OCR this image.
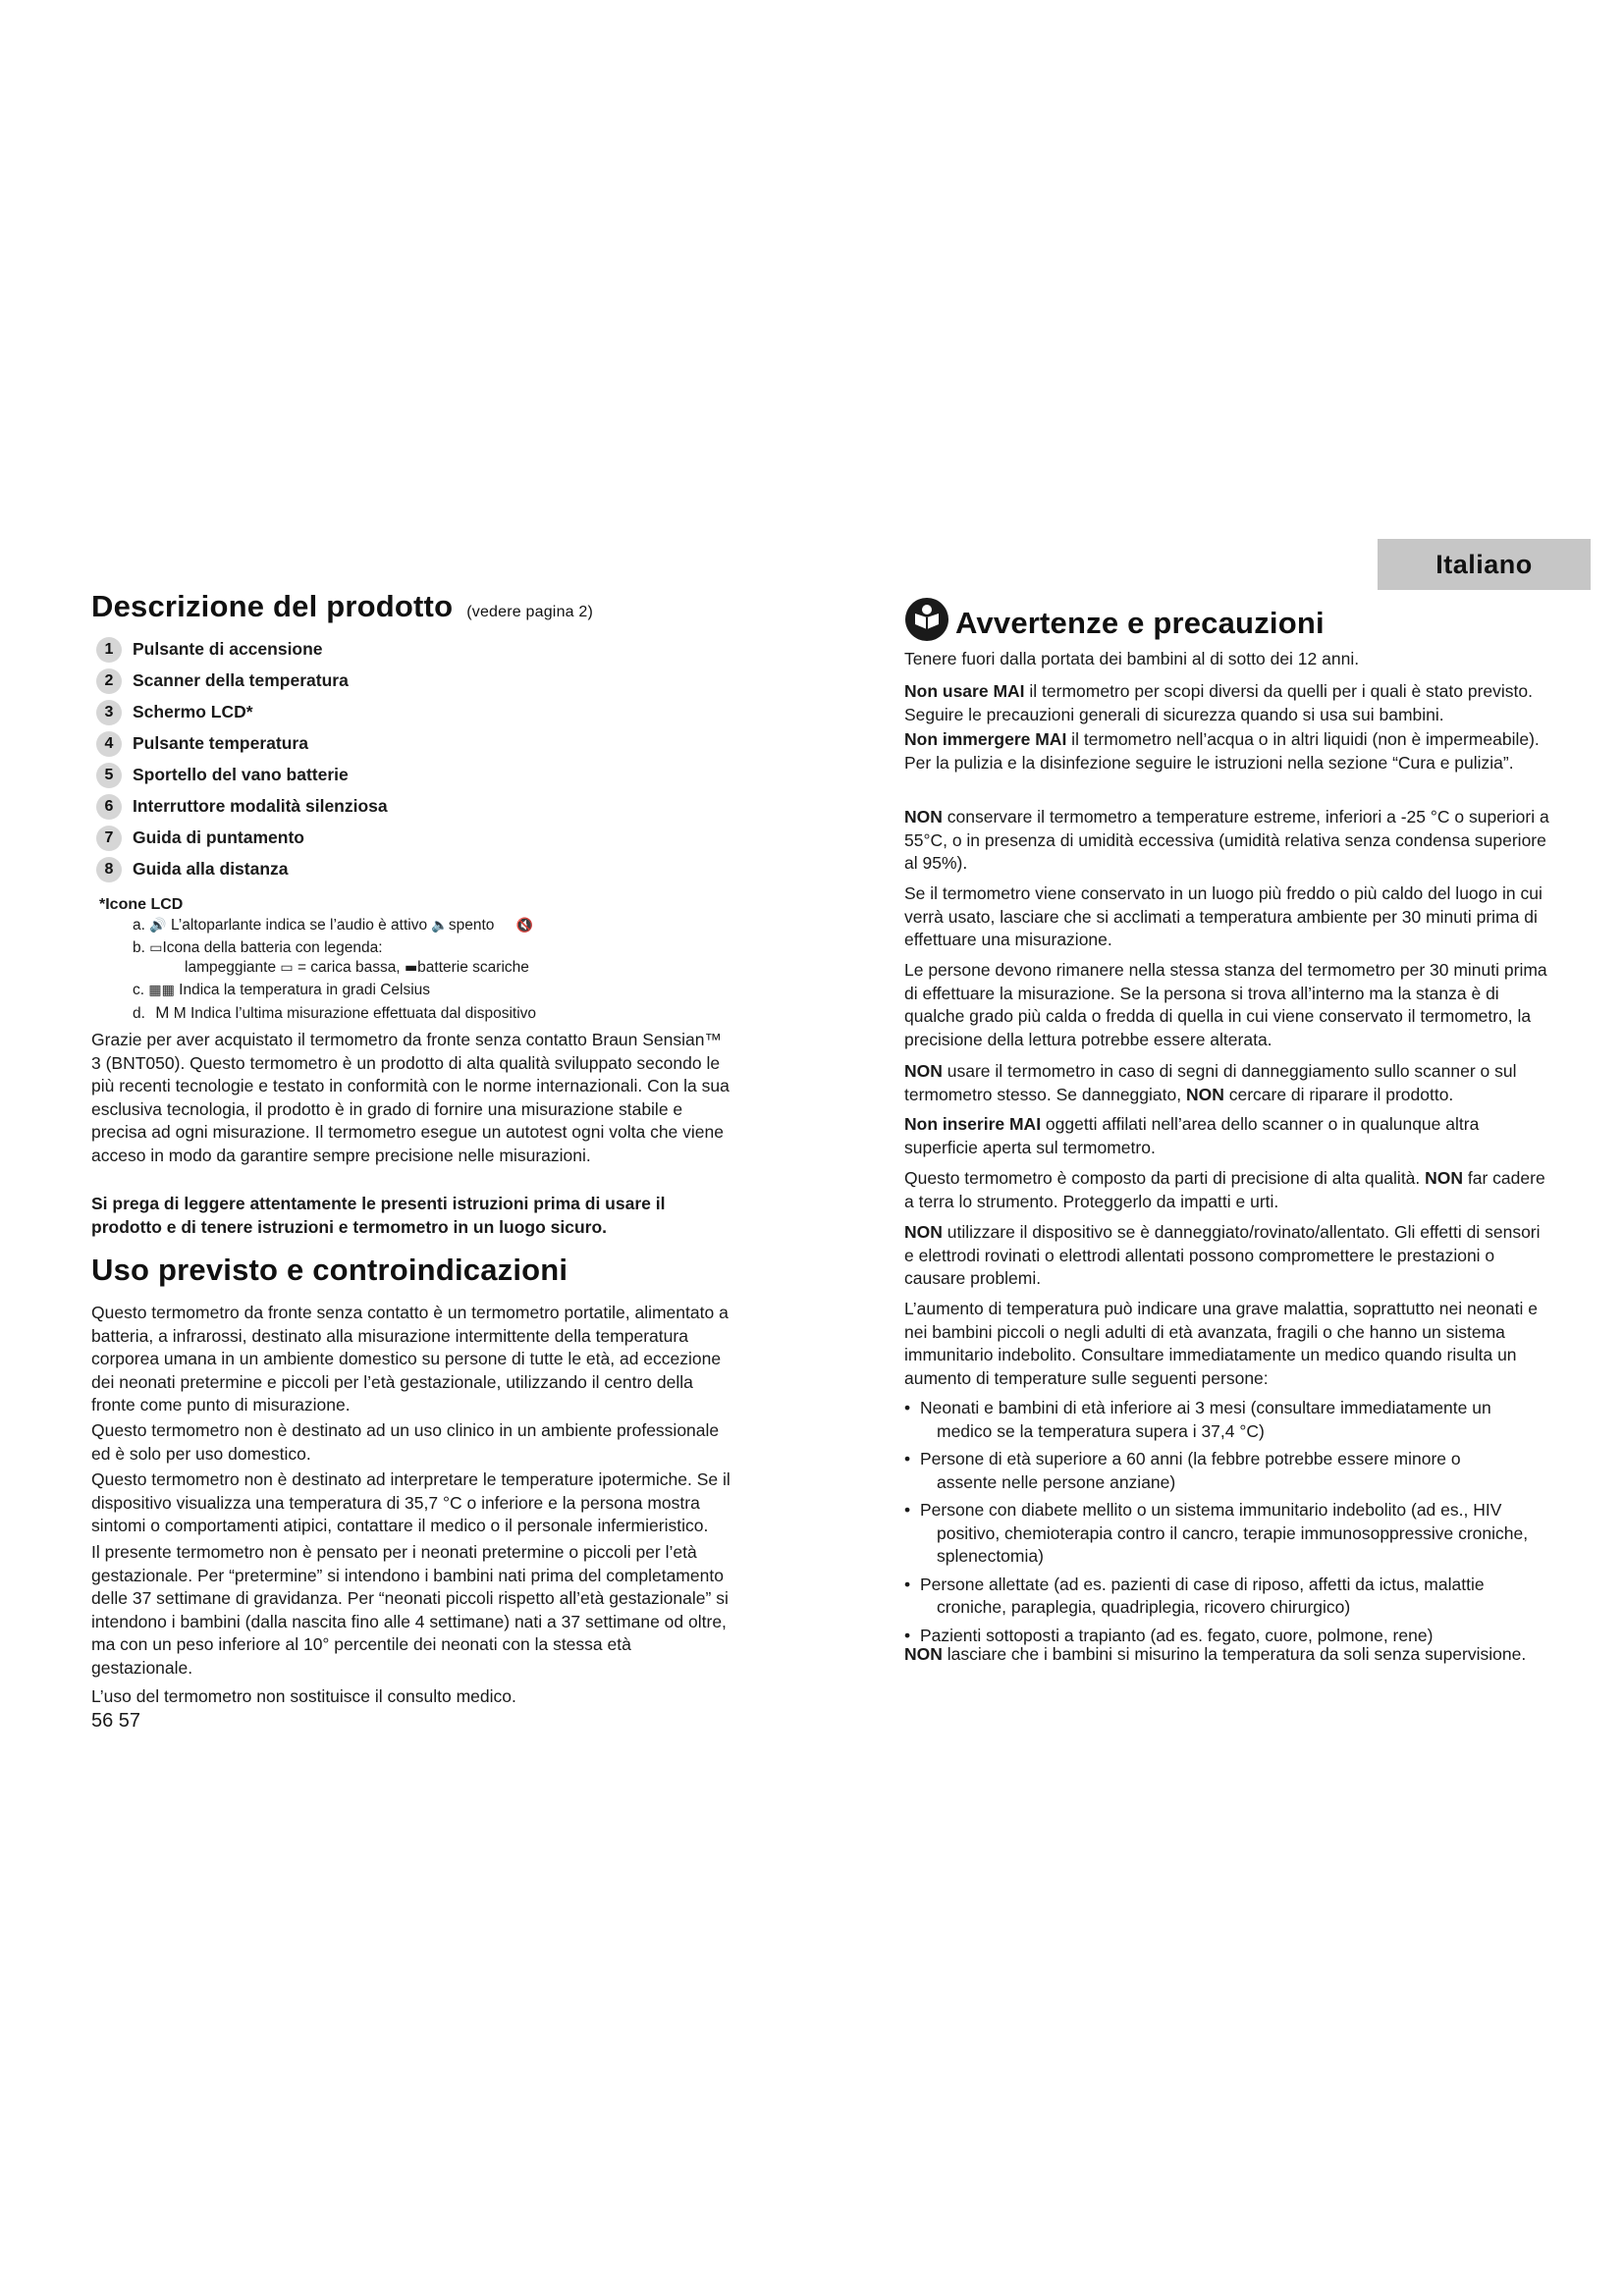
Italiano
Descrizione del prodotto (vedere pagina 2)
1	Pulsante di accensione
2	Scanner della temperatura
3	Schermo LCD*
4	Pulsante temperatura
5	Sportello del vano batterie
6	Interruttore modalità silenziosa
7	Guida di puntamento
8	Guida alla distanza
*Icone LCD
a. 🔊 L’altoparlante indica se l’audio è attivo 🔈spento 🔇
b. ▭Icona della batteria con legenda:
lampeggiante ▭ = carica bassa, ▬batterie scariche
c. ▦▦ Indica la temperatura in gradi Celsius
d. M M Indica l’ultima misurazione effettuata dal dispositivo
Grazie per aver acquistato il termometro da fronte senza contatto Braun Sensian™ 3 (BNT050). Questo termometro è un prodotto di alta qualità sviluppato secondo le più recenti tecnologie e testato in conformità con le norme internazionali. Con la sua esclusiva tecnologia, il prodotto è in grado di fornire una misurazione stabile e precisa ad ogni misurazione. Il termometro esegue un autotest ogni volta che viene acceso in modo da garantire sempre precisione nelle misurazioni.
Si prega di leggere attentamente le presenti istruzioni prima di usare il prodotto e di tenere istruzioni e termometro in un luogo sicuro.
Uso previsto e controindicazioni
Questo termometro da fronte senza contatto è un termometro portatile, alimentato a batteria, a infrarossi, destinato alla misurazione intermittente della temperatura corporea umana in un ambiente domestico su persone di tutte le età, ad eccezione dei neonati pretermine e piccoli per l’età gestazionale, utilizzando il centro della fronte come punto di misurazione.
Questo termometro non è destinato ad un uso clinico in un ambiente professionale ed è solo per uso domestico.
Questo termometro non è destinato ad interpretare le temperature ipotermiche. Se il dispositivo visualizza una temperatura di 35,7 °C o inferiore e la persona mostra sintomi o comportamenti atipici, contattare il medico o il personale infermieristico.
Il presente termometro non è pensato per i neonati pretermine o piccoli per l’età gestazionale. Per “pretermine” si intendono i bambini nati prima del completamento delle 37 settimane di gravidanza. Per “neonati piccoli rispetto all’età gestazionale” si intendono i bambini (dalla nascita fino alle 4 settimane) nati a 37 settimane od oltre, ma con un peso inferiore al 10° percentile dei neonati con la stessa età gestazionale.
L’uso del termometro non sostituisce il consulto medico.
56 57
Avvertenze e precauzioni
Tenere fuori dalla portata dei bambini al di sotto dei 12 anni.
Non usare MAI il termometro per scopi diversi da quelli per i quali è stato previsto. Seguire le precauzioni generali di sicurezza quando si usa sui bambini.
Non immergere MAI il termometro nell’acqua o in altri liquidi (non è impermeabile). Per la pulizia e la disinfezione seguire le istruzioni nella sezione “Cura e pulizia”.
NON conservare il termometro a temperature estreme, inferiori a -25 °C o superiori a 55°C, o in presenza di umidità eccessiva (umidità relativa senza condensa superiore al 95%).
Se il termometro viene conservato in un luogo più freddo o più caldo del luogo in cui verrà usato, lasciare che si acclimati a temperatura ambiente per 30 minuti prima di effettuare una misurazione.
Le persone devono rimanere nella stessa stanza del termometro per 30 minuti prima di effettuare la misurazione. Se la persona si trova all’interno ma la stanza è di qualche grado più calda o fredda di quella in cui viene conservato il termometro, la precisione della lettura potrebbe essere alterata.
NON usare il termometro in caso di segni di danneggiamento sullo scanner o sul termometro stesso. Se danneggiato, NON cercare di riparare il prodotto.
Non inserire MAI oggetti affilati nell’area dello scanner o in qualunque altra superficie aperta sul termometro.
Questo termometro è composto da parti di precisione di alta qualità. NON far cadere a terra lo strumento. Proteggerlo da impatti e urti.
NON utilizzare il dispositivo se è danneggiato/rovinato/allentato. Gli effetti di sensori e elettrodi rovinati o elettrodi allentati possono compromettere le prestazioni o causare problemi.
L’aumento di temperatura può indicare una grave malattia, soprattutto nei neonati e nei bambini piccoli o negli adulti di età avanzata, fragili o che hanno un sistema immunitario indebolito. Consultare immediatamente un medico quando risulta un aumento di temperature sulle seguenti persone:
• Neonati e bambini di età inferiore ai 3 mesi (consultare immediatamente un
medico se la temperatura supera i 37,4 °C)
• Persone di età superiore a 60 anni (la febbre potrebbe essere minore o
assente nelle persone anziane)
• Persone con diabete mellito o un sistema immunitario indebolito (ad es., HIV
positivo, chemioterapia contro il cancro, terapie immunosoppressive croniche, splenectomia)
• Persone allettate (ad es. pazienti di case di riposo, affetti da ictus, malattie
croniche, paraplegia, quadriplegia, ricovero chirurgico)
• Pazienti sottoposti a trapianto (ad es. fegato, cuore, polmone, rene)
NON lasciare che i bambini si misurino la temperatura da soli senza supervisione.
